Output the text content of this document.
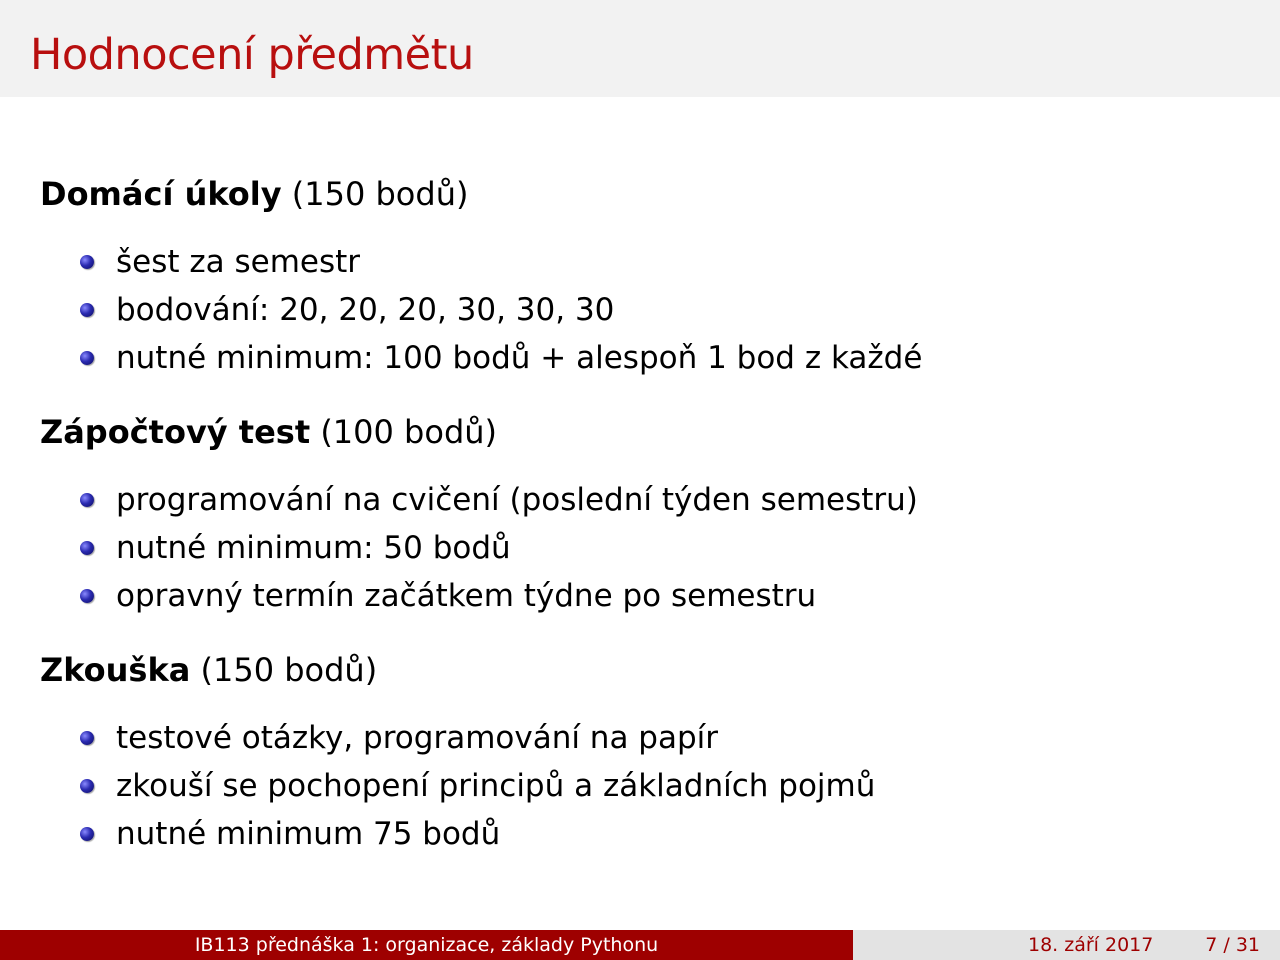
Hodnocení předmětu

Domácí úkoly (150 bodů)

šest za semestr
bodování: 20, 20, 20, 30, 30, 30
nutné minimum: 100 bodů + alespoň 1 bod z každé

Zápočtový test (100 bodů)

programování na cvičení (poslední týden semestru)
nutné minimum: 50 bodů
opravný termín začátkem týdne po semestru

Zkouška (150 bodů)

testové otázky, programování na papír
zkouší se pochopení principů a základních pojmů
nutné minimum 75 bodů
IB113 přednáška 1: organizace, základy Pythonu	18. září 2017	7 / 31
